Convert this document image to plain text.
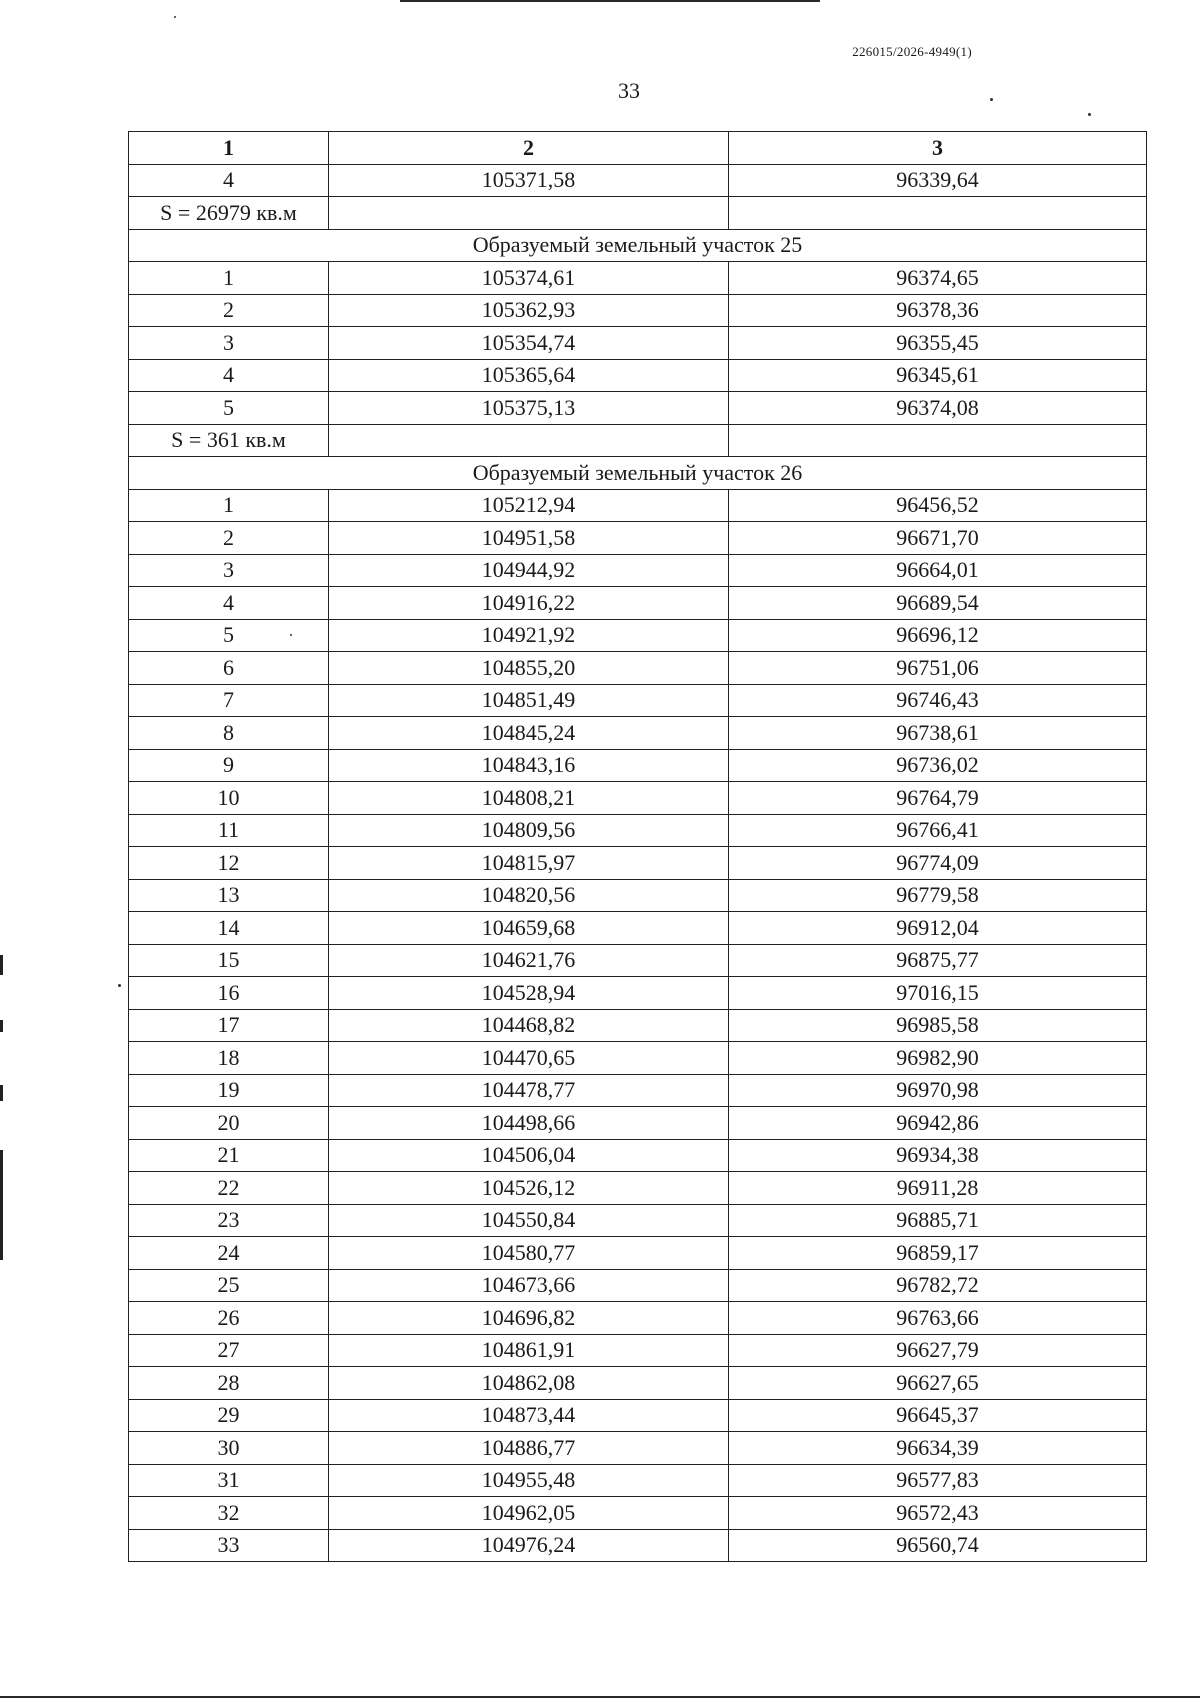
226015/2026-4949(1)
33
1	2	3
4	105371,58	96339,64
S = 26979 кв.м		
Образуемый земельный участок 25		
1	105374,61	96374,65
2	105362,93	96378,36
3	105354,74	96355,45
4	105365,64	96345,61
5	105375,13	96374,08
S = 361 кв.м		
Образуемый земельный участок 26		
1	105212,94	96456,52
2	104951,58	96671,70
3	104944,92	96664,01
4	104916,22	96689,54
5	104921,92	96696,12
6	104855,20	96751,06
7	104851,49	96746,43
8	104845,24	96738,61
9	104843,16	96736,02
10	104808,21	96764,79
11	104809,56	96766,41
12	104815,97	96774,09
13	104820,56	96779,58
14	104659,68	96912,04
15	104621,76	96875,77
16	104528,94	97016,15
17	104468,82	96985,58
18	104470,65	96982,90
19	104478,77	96970,98
20	104498,66	96942,86
21	104506,04	96934,38
22	104526,12	96911,28
23	104550,84	96885,71
24	104580,77	96859,17
25	104673,66	96782,72
26	104696,82	96763,66
27	104861,91	96627,79
28	104862,08	96627,65
29	104873,44	96645,37
30	104886,77	96634,39
31	104955,48	96577,83
32	104962,05	96572,43
33	104976,24	96560,74
